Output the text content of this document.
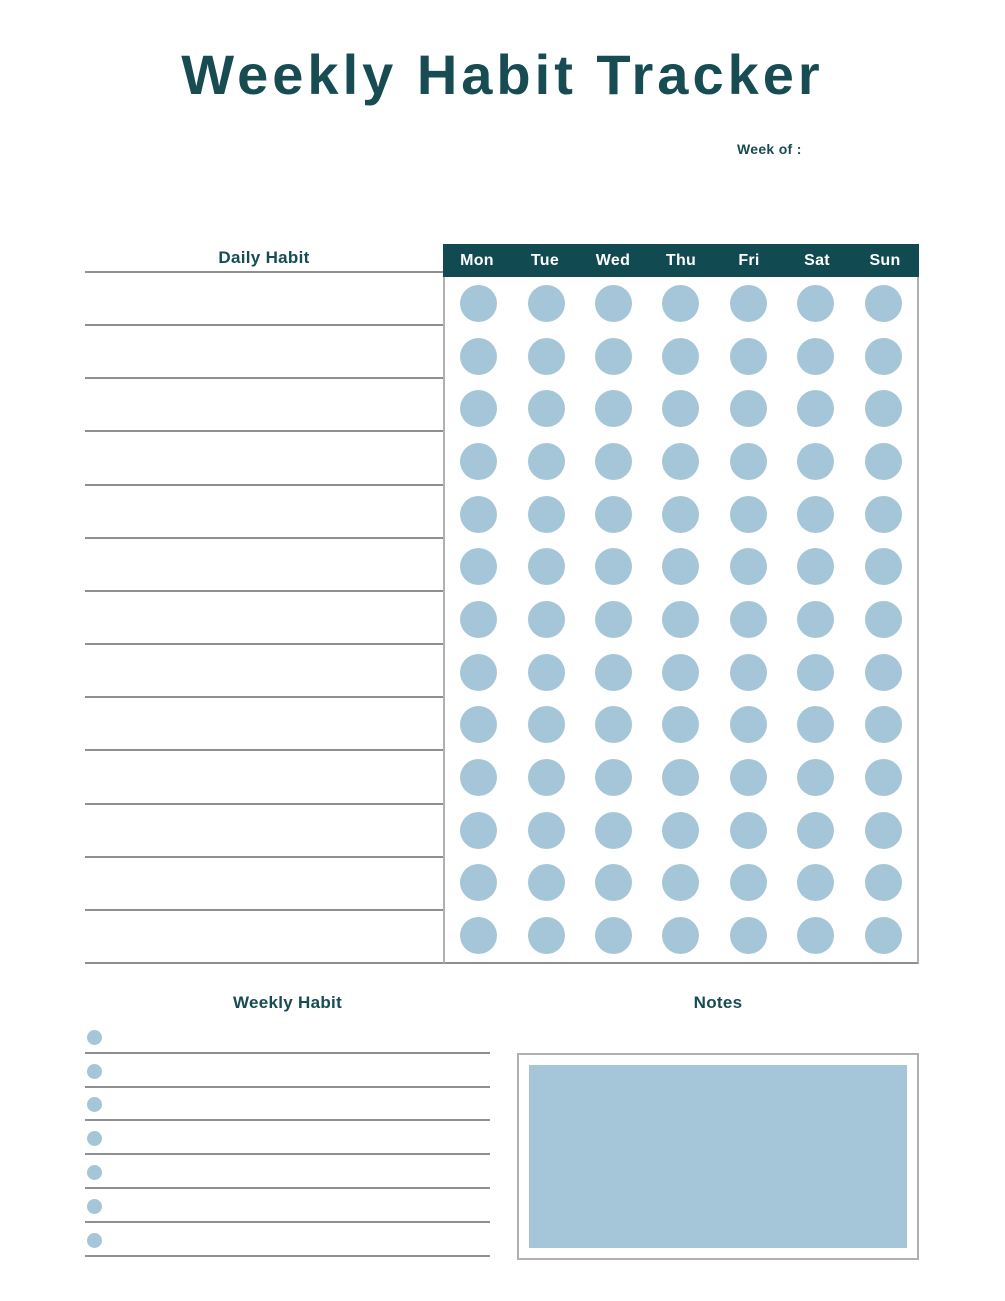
Weekly Habit Tracker
Week of :
Daily Habit	Mon	Tue	Wed	Thu	Fri	Sat	Sun
Weekly Habit	Notes
